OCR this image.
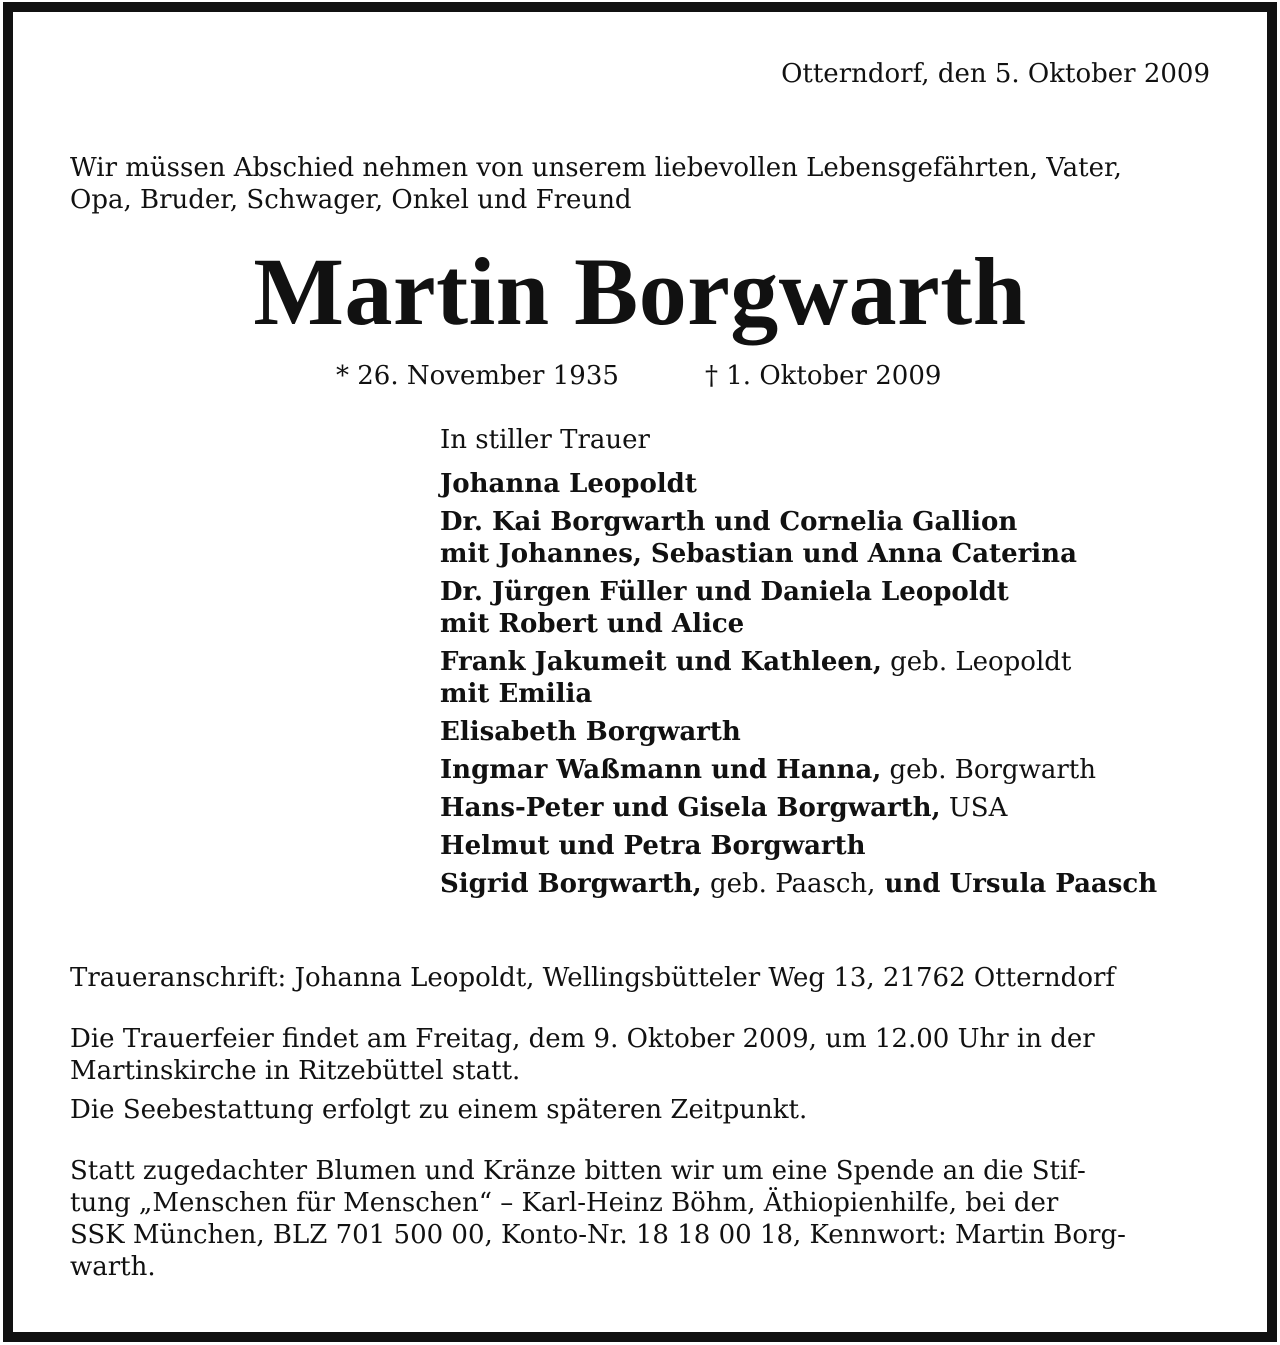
Otterndorf, den 5. Oktober 2009
Wir müssen Abschied nehmen von unserem liebevollen Lebensgefährten, Vater,
Opa, Bruder, Schwager, Onkel und Freund
Martin Borgwarth
* 26. November 1935	† 1. Oktober 2009
In stiller Trauer
Johanna Leopoldt
Dr. Kai Borgwarth und Cornelia Gallion
mit Johannes, Sebastian und Anna Caterina
Dr. Jürgen Füller und Daniela Leopoldt
mit Robert und Alice
Frank Jakumeit und Kathleen, geb. Leopoldt
mit Emilia
Elisabeth Borgwarth
Ingmar Waßmann und Hanna, geb. Borgwarth
Hans-Peter und Gisela Borgwarth, USA
Helmut und Petra Borgwarth
Sigrid Borgwarth, geb. Paasch, und Ursula Paasch
Traueranschrift: Johanna Leopoldt, Wellingsbütteler Weg 13, 21762 Otterndorf
Die Trauerfeier findet am Freitag, dem 9. Oktober 2009, um 12.00 Uhr in der
Martinskirche in Ritzebüttel statt.
Die Seebestattung erfolgt zu einem späteren Zeitpunkt.
Statt zugedachter Blumen und Kränze bitten wir um eine Spende an die Stif-
tung „Menschen für Menschen“ – Karl-Heinz Böhm, Äthiopienhilfe, bei der
SSK München, BLZ 701 500 00, Konto-Nr. 18 18 00 18, Kennwort: Martin Borg-
warth.
